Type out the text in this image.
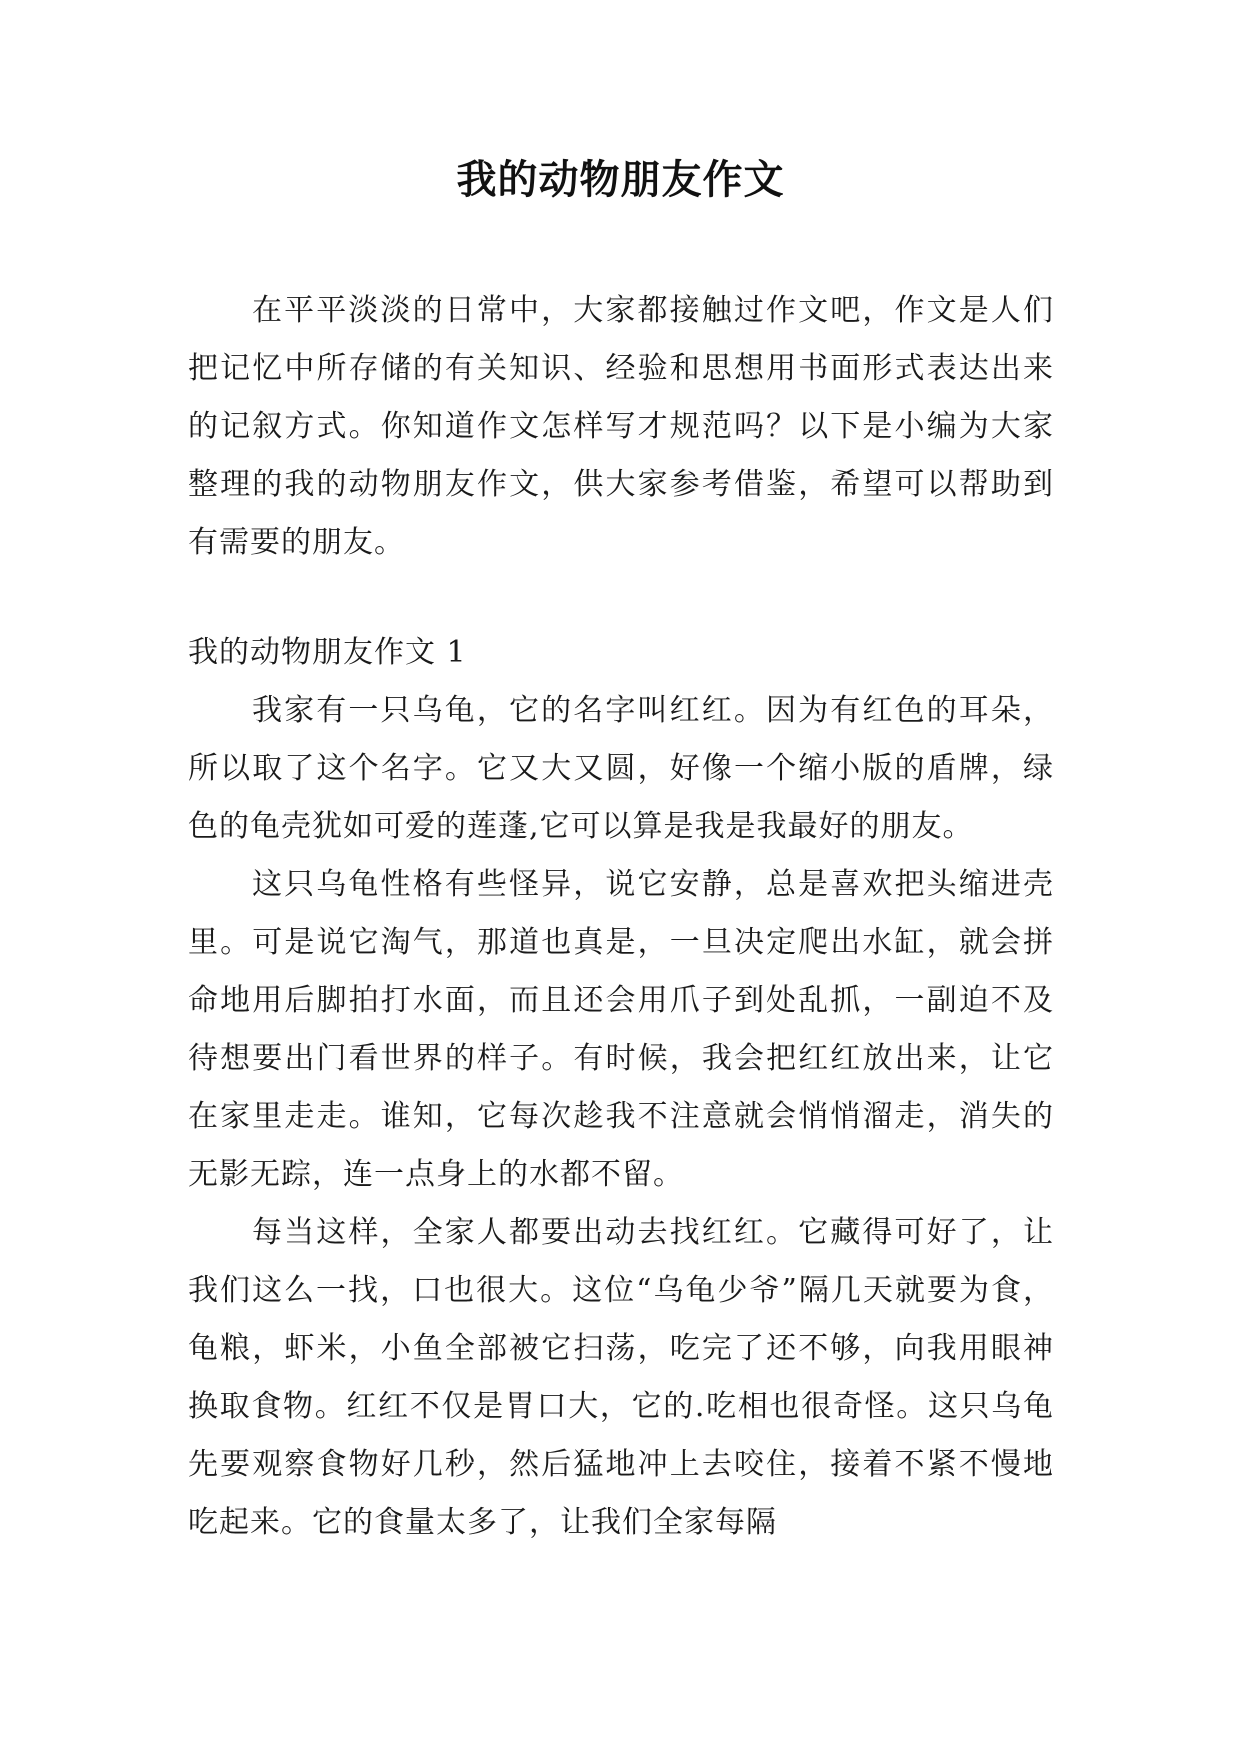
我的动物朋友作文

在平平淡淡的日常中，大家都接触过作文吧，作文是人们把记忆中所存储的有关知识、经验和思想用书面形式表达出来的记叙方式。你知道作文怎样写才规范吗？以下是小编为大家整理的我的动物朋友作文，供大家参考借鉴，希望可以帮助到有需要的朋友。

我的动物朋友作文 1

我家有一只乌龟，它的名字叫红红。因为有红色的耳朵，所以取了这个名字。它又大又圆，好像一个缩小版的盾牌，绿色的龟壳犹如可爱的莲蓬,它可以算是我是我最好的朋友。

这只乌龟性格有些怪异，说它安静，总是喜欢把头缩进壳里。可是说它淘气，那道也真是，一旦决定爬出水缸，就会拼命地用后脚拍打水面，而且还会用爪子到处乱抓，一副迫不及待想要出门看世界的样子。有时候，我会把红红放出来，让它在家里走走。谁知，它每次趁我不注意就会悄悄溜走，消失的无影无踪，连一点身上的水都不留。

每当这样，全家人都要出动去找红红。它藏得可好了，让我们这么一找，口也很大。这位“乌龟少爷”隔几天就要为食，龟粮，虾米，小鱼全部被它扫荡，吃完了还不够，向我用眼神换取食物。红红不仅是胃口大，它的.吃相也很奇怪。这只乌龟先要观察食物好几秒，然后猛地冲上去咬住，接着不紧不慢地吃起来。它的食量太多了，让我们全家每隔
